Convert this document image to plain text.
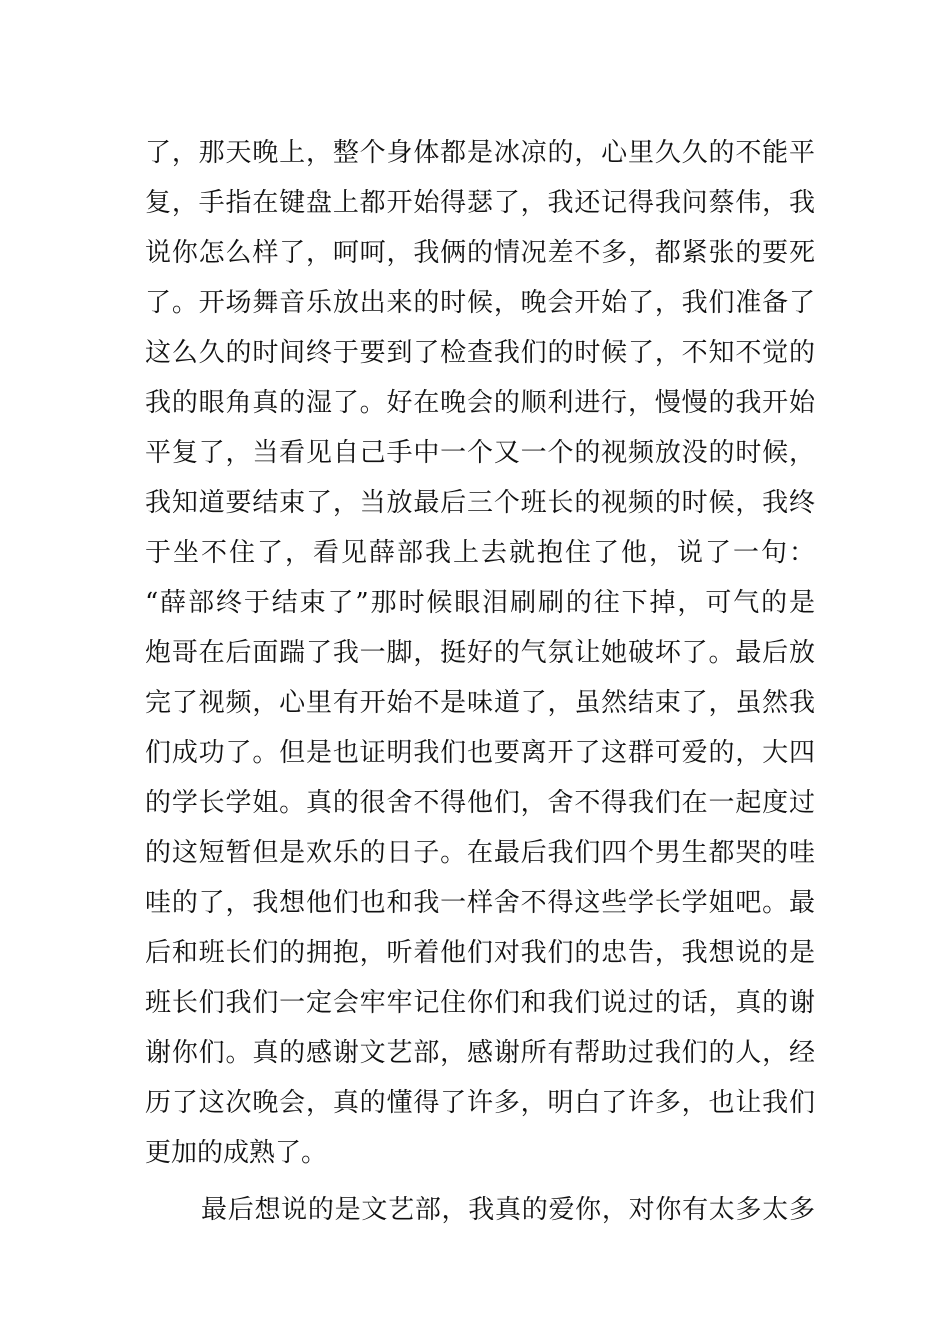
了，那天晚上，整个身体都是冰凉的，心里久久的不能平
复，手指在键盘上都开始得瑟了，我还记得我问蔡伟，我
说你怎么样了，呵呵，我俩的情况差不多，都紧张的要死
了。开场舞音乐放出来的时候，晚会开始了，我们准备了
这么久的时间终于要到了检查我们的时候了，不知不觉的
我的眼角真的湿了。好在晚会的顺利进行，慢慢的我开始
平复了，当看见自己手中一个又一个的视频放没的时候，
我知道要结束了，当放最后三个班长的视频的时候，我终
于坐不住了，看见薛部我上去就抱住了他，说了一句：
“薛部终于结束了”那时候眼泪刷刷的往下掉，可气的是
炮哥在后面踹了我一脚，挺好的气氛让她破坏了。最后放
完了视频，心里有开始不是味道了，虽然结束了，虽然我
们成功了。但是也证明我们也要离开了这群可爱的，大四
的学长学姐。真的很舍不得他们，舍不得我们在一起度过
的这短暂但是欢乐的日子。在最后我们四个男生都哭的哇
哇的了，我想他们也和我一样舍不得这些学长学姐吧。最
后和班长们的拥抱，听着他们对我们的忠告，我想说的是
班长们我们一定会牢牢记住你们和我们说过的话，真的谢
谢你们。真的感谢文艺部，感谢所有帮助过我们的人，经
历了这次晚会，真的懂得了许多，明白了许多，也让我们
更加的成熟了。
最后想说的是文艺部，我真的爱你，对你有太多太多
